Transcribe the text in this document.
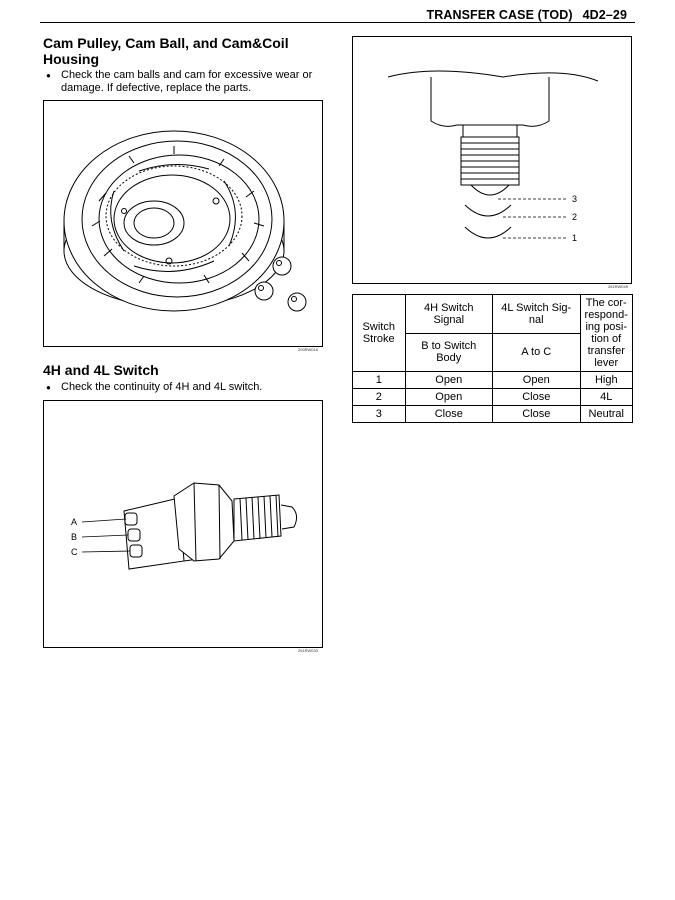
TRANSFER CASE (TOD) 4D2–29
Cam Pulley, Cam Ball, and Cam&Coil Housing
● Check the cam balls and cam for excessive wear or damage. If defective, replace the parts.
200RW016
4H and 4L Switch
● Check the continuity of 4H and 4L switch.
A
B
C
261RW033
3
2
1
261RW049
Switch Stroke	4H Switch Signal	4L Switch Sig- nal	The cor- respond- ing posi- tion of transfer lever
	B to Switch Body	A to C	
1	Open	Open	High
2	Open	Close	4L
3	Close	Close	Neutral
